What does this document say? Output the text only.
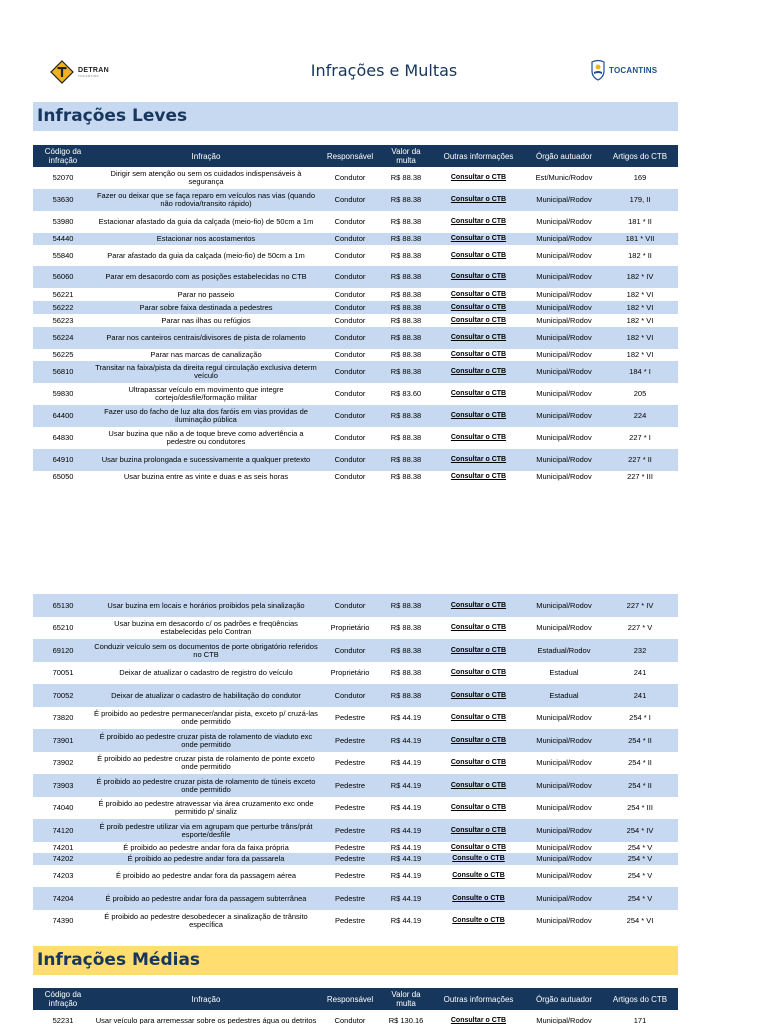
DETRAN
TOCANTINS	Infrações e Multas	TOCANTINS
Infrações Leves
Código da infração	Infração	Responsável	Valor da multa	Outras informações	Órgão autuador	Artigos do CTB
52070	Dirigir sem atenção ou sem os cuidados indispensáveis à segurança	Condutor	R$ 88.38	Consultar o CTB	Est/Munic/Rodov	169
53630	Fazer ou deixar que se faça reparo em veículos nas vias (quando não rodovia/transito rápido)	Condutor	R$ 88.38	Consultar o CTB	Municipal/Rodov	179, II
53980	Estacionar afastado da guia da calçada (meio-fio) de 50cm a 1m	Condutor	R$ 88.38	Consultar o CTB	Municipal/Rodov	181 * II
54440	Estacionar nos acostamentos	Condutor	R$ 88.38	Consultar o CTB	Municipal/Rodov	181 * VII
55840	Parar afastado da guia da calçada (meio-fio) de 50cm a 1m	Condutor	R$ 88.38	Consultar o CTB	Municipal/Rodov	182 * II
56060	Parar em desacordo com as posições estabelecidas no CTB	Condutor	R$ 88.38	Consultar o CTB	Municipal/Rodov	182 * IV
56221	Parar no passeio	Condutor	R$ 88.38	Consultar o CTB	Municipal/Rodov	182 * VI
56222	Parar sobre faixa destinada a pedestres	Condutor	R$ 88.38	Consultar o CTB	Municipal/Rodov	182 * VI
56223	Parar nas ilhas ou refúgios	Condutor	R$ 88.38	Consultar o CTB	Municipal/Rodov	182 * VI
56224	Parar nos canteiros centrais/divisores de pista de rolamento	Condutor	R$ 88.38	Consultar o CTB	Municipal/Rodov	182 * VI
56225	Parar nas marcas de canalização	Condutor	R$ 88.38	Consultar o CTB	Municipal/Rodov	182 * VI
56810	Transitar na faixa/pista da direita regul circulação exclusiva determ veículo	Condutor	R$ 88.38	Consultar o CTB	Municipal/Rodov	184 * I
59830	Ultrapassar veículo em movimento que integre cortejo/desfile/formação militar	Condutor	R$ 83.60	Consultar o CTB	Municipal/Rodov	205
64400	Fazer uso do facho de luz alta dos faróis em vias providas de iluminação pública	Condutor	R$ 88.38	Consultar o CTB	Municipal/Rodov	224
64830	Usar buzina que não a de toque breve como advertência a pedestre ou condutores	Condutor	R$ 88.38	Consultar o CTB	Municipal/Rodov	227 * I
64910	Usar buzina prolongada e sucessivamente a qualquer pretexto	Condutor	R$ 88.38	Consultar o CTB	Municipal/Rodov	227 * II
65050	Usar buzina entre as vinte e duas e as seis horas	Condutor	R$ 88.38	Consultar o CTB	Municipal/Rodov	227 * III
65130	Usar buzina em locais e horários proibidos pela sinalização	Condutor	R$ 88.38	Consultar o CTB	Municipal/Rodov	227 * IV
65210	Usar buzina em desacordo c/ os padrões e freqüências estabelecidas pelo Contran	Proprietário	R$ 88.38	Consultar o CTB	Municipal/Rodov	227 * V
69120	Conduzir veículo sem os documentos de porte obrigatório referidos no CTB	Condutor	R$ 88.38	Consultar o CTB	Estadual/Rodov	232
70051	Deixar de atualizar o cadastro de registro do veículo	Proprietário	R$ 88.38	Consultar o CTB	Estadual	241
70052	Deixar de atualizar o cadastro de habilitação do condutor	Condutor	R$ 88.38	Consultar o CTB	Estadual	241
73820	É proibido ao pedestre permanecer/andar pista, exceto p/ cruzá-las onde permitido	Pedestre	R$ 44.19	Consultar o CTB	Municipal/Rodov	254 * I
73901	É proibido ao pedestre cruzar pista de rolamento de viaduto exc onde permitido	Pedestre	R$ 44.19	Consultar o CTB	Municipal/Rodov	254 * II
73902	É proibido ao pedestre cruzar pista de rolamento de ponte exceto onde permitido	Pedestre	R$ 44.19	Consultar o CTB	Municipal/Rodov	254 * II
73903	É proibido ao pedestre cruzar pista de rolamento de túneis exceto onde permitido	Pedestre	R$ 44.19	Consultar o CTB	Municipal/Rodov	254 * II
74040	É proibido ao pedestre atravessar via área cruzamento exc onde permitido p/ sinaliz	Pedestre	R$ 44.19	Consultar o CTB	Municipal/Rodov	254 * III
74120	É proib pedestre utilizar via em agrupam que perturbe trâns/prát esporte/desfile	Pedestre	R$ 44.19	Consultar o CTB	Municipal/Rodov	254 * IV
74201	É proibido ao pedestre andar fora da faixa própria	Pedestre	R$ 44.19	Consultar o CTB	Municipal/Rodov	254 * V
74202	É proibido ao pedestre andar fora da passarela	Pedestre	R$ 44.19	Consulte o CTB	Municipal/Rodov	254 * V
74203	É proibido ao pedestre andar fora da passagem aérea	Pedestre	R$ 44.19	Consulte o CTB	Municipal/Rodov	254 * V
74204	É proibido ao pedestre andar fora da passagem subterrânea	Pedestre	R$ 44.19	Consulte o CTB	Municipal/Rodov	254 * V
74390	É proibido ao pedestre desobedecer a sinalização de trânsito específica	Pedestre	R$ 44.19	Consulte o CTB	Municipal/Rodov	254 * VI
Infrações Médias
Código da infração	Infração	Responsável	Valor da multa	Outras informações	Órgão autuador	Artigos do CTB
52231	Usar veículo para arremessar sobre os pedestres água ou detritos	Condutor	R$ 130.16	Consultar o CTB	Municipal/Rodov	171
